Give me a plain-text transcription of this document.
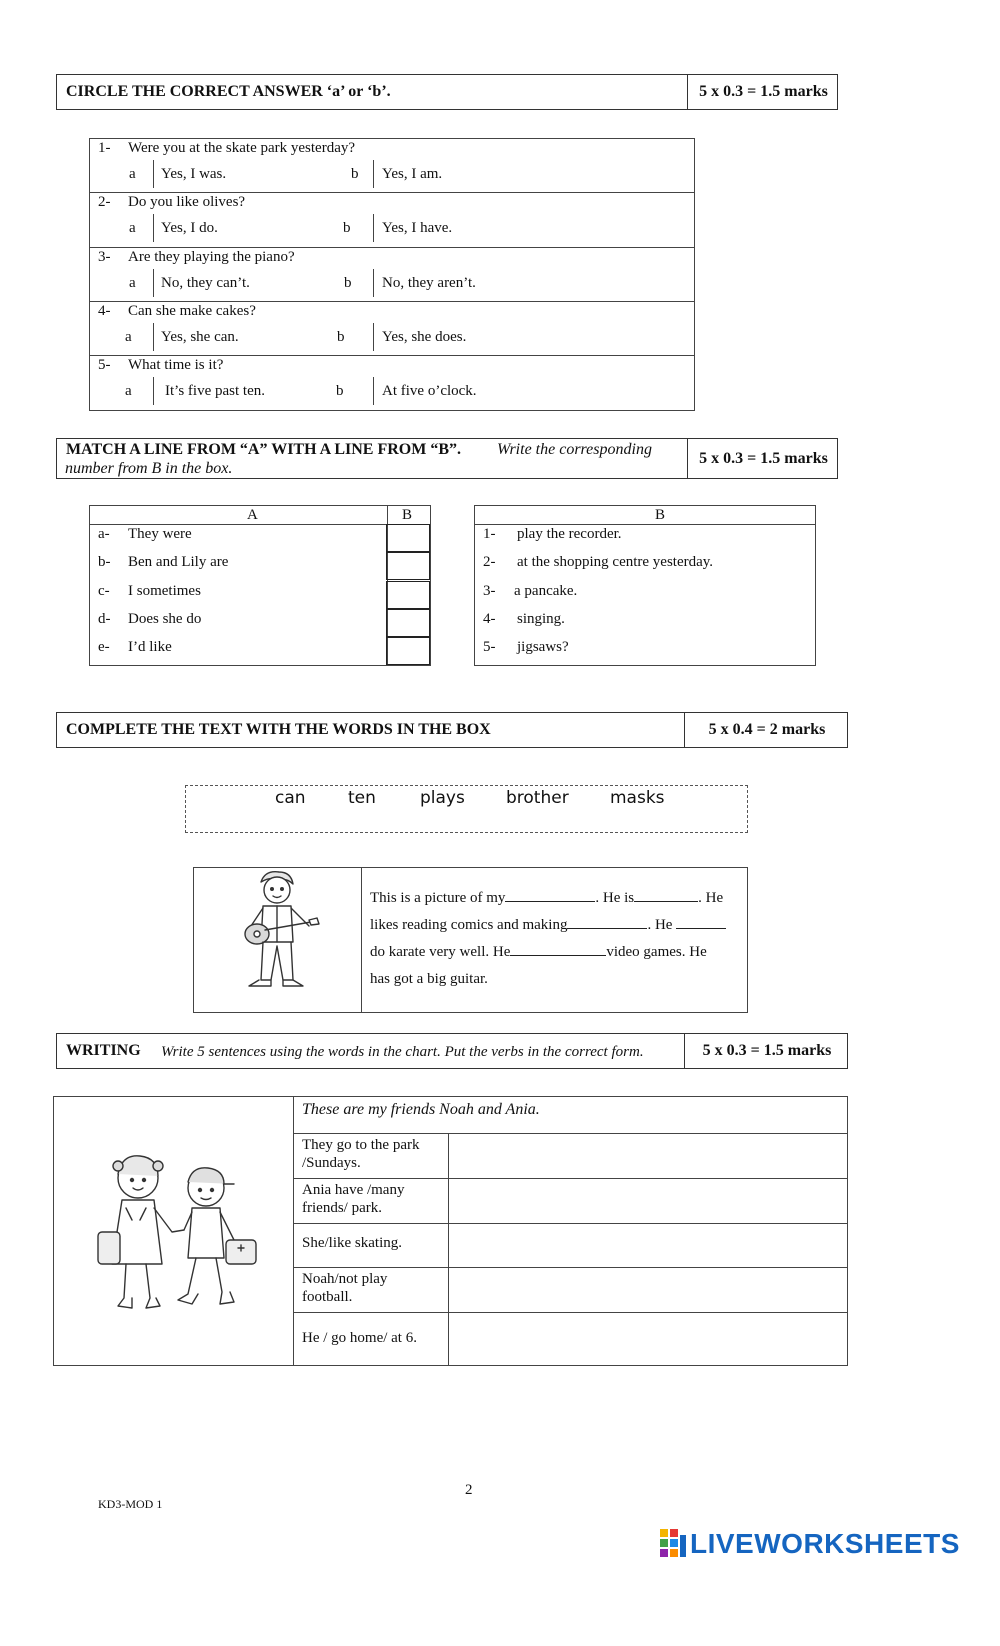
CIRCLE THE CORRECT ANSWER ‘a’ or ‘b’.	5 x 0.3 = 1.5 marks
1- Were you at the skate park yesterday?
a Yes, I was.	b Yes, I am.
2- Do you like olives?
a Yes, I do.	b Yes, I have.
3- Are they playing the piano?
a No, they can’t.	b No, they aren’t.
4- Can she make cakes?
a Yes, she can.	b	Yes, she does.
5- What time is it?
a It’s five past ten.	b	At five o’clock.
MATCH A LINE FROM “A” WITH A LINE FROM “B”. Write the corresponding
number from B in the box.
5 x 0.3 = 1.5 marks
A	B
a- They were
b- Ben and Lily are
c- I sometimes
d- Does she do
e- I’d like
B
1- play the recorder.
2- at the shopping centre yesterday.
3- a pancake.
4- singing.
5- jigsaws?
COMPLETE THE TEXT WITH THE WORDS IN THE BOX	5 x 0.4 = 2 marks
can ten	plays brother masks
This is a picture of my	. He is	. He
likes reading comics and making	. He
do karate very well. He	video games. He
has got a big guitar.
WRITING Write 5 sentences using the words in the chart. Put the verbs in the correct form.	5 x 0.3 = 1.5 marks
These are my friends Noah and Ania.
They go to the park
/Sundays.
Ania have /many
friends/ park.
She/like skating.
Noah/not play
football.
He / go home/ at 6.
2
KD3-MOD 1
LIVEWORKSHEETS
